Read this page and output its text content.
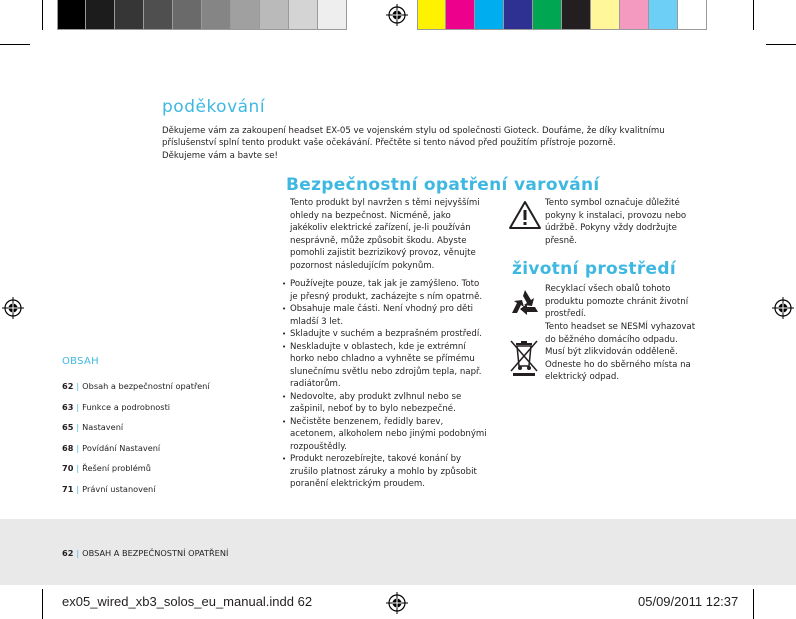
62 | OBSAH A BEZPEČNOSTNÍ OPATŘENÍ
poděkování
Děkujeme vám za zakoupení headset EX-05 ve vojenském stylu od společnosti Gioteck. Doufáme, že díky kvalitnímu
příslušenství splní tento produkt vaše očekávání. Přečtěte si tento návod před použitím přístroje pozorně.
Děkujeme vám a bavte se!
Bezpečnostní opatření
Tento produkt byl navržen s těmi nejvyššími
ohledy na bezpečnost. Nicméně, jako
jakékoliv elektrické zařízení, je-li používán
nesprávně, může způsobit škodu. Abyste
pomohli zajistit bezrizikový provoz, věnujte
pozornost následujícím pokynům.
• Používejte pouze, tak jak je zamýšleno. Toto
je přesný produkt, zacházejte s ním opatrně.
• Obsahuje male části. Není vhodný pro děti
mladší 3 let.
• Skladujte v suchém a bezprašném prostředí.
• Neskladujte v oblastech, kde je extrémní
horko nebo chladno a vyhněte se přímému
slunečnímu světlu nebo zdrojům tepla, např.
radiátorům.
• Nedovolte, aby produkt zvlhnul nebo se
zašpinil, neboť by to bylo nebezpečné.
• Nečistěte benzenem, ředidly barev,
acetonem, alkoholem nebo jinými podobnými
rozpouštědly.
• Produkt nerozebírejte, takové konání by
zrušilo platnost záruky a mohlo by způsobit
poranění elektrickým proudem.
varování
Tento symbol označuje důležité
pokyny k instalaci, provozu nebo
údržbě. Pokyny vždy dodržujte
přesně.
životní prostředí
Recyklací všech obalů tohoto
produktu pomozte chránit životní
prostředí.
Tento headset se NESMÍ vyhazovat
do běžného domácího odpadu.
Musí být zlikvidován odděleně.
Odneste ho do sběrného místa na
elektrický odpad.
OBSAH
62 | Obsah a bezpečnostní opatření
63 | Funkce a podrobnosti
65 | Nastavení
68 | Povídání Nastavení
70 | Řešení problémů
71 | Právní ustanovení
ex05_wired_xb3_solos_eu_manual.indd 62	05/09/2011 12:37
